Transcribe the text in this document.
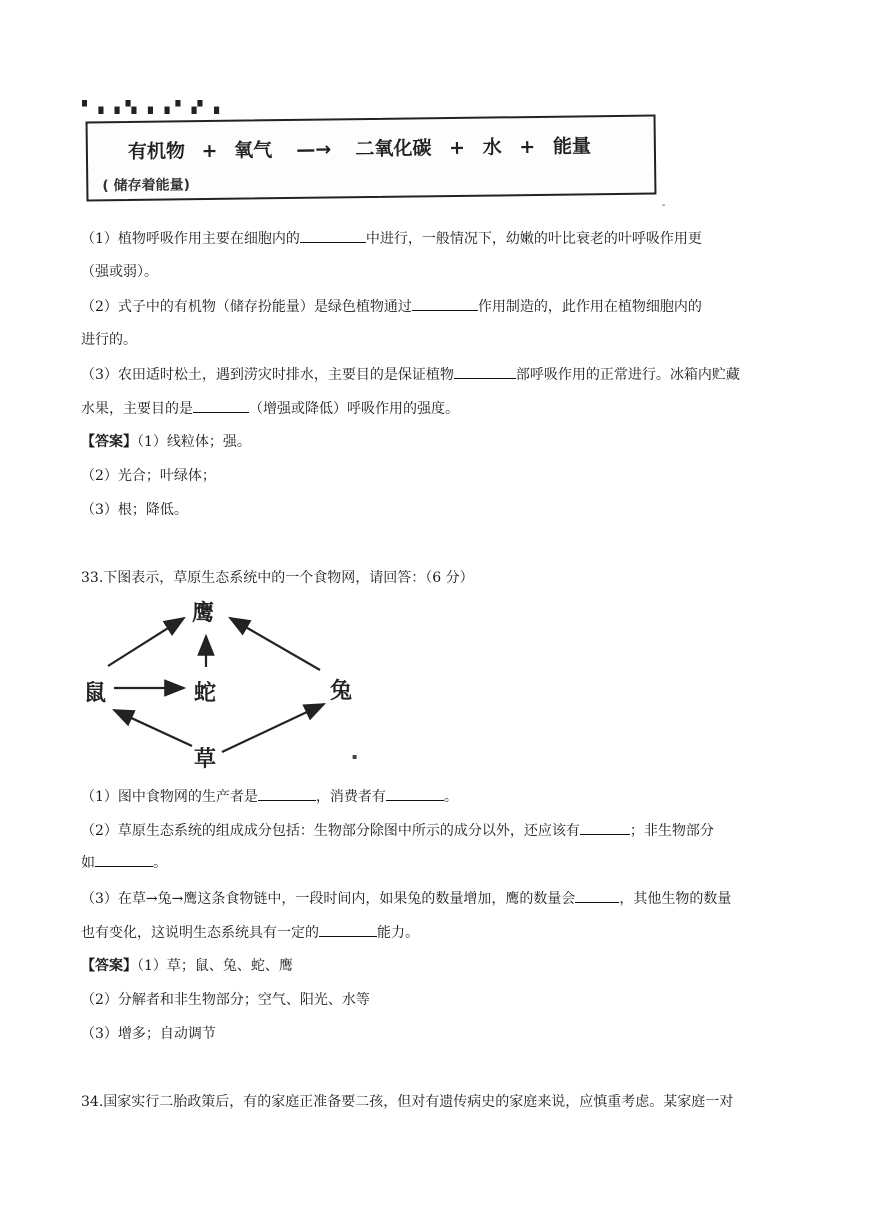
▘ ▖▗▝▖ ▖ ▖▘▗▘ ▖
有机物 + 氧气 —→ 二氧化碳 + 水 + 能量
( 储存着能量)
-
（1）植物呼吸作用主要在细胞内的	中进行，一般情况下，幼嫩的叶比衰老的叶呼吸作用更
（强或弱）。
（2）式子中的有机物（储存扮能量）是绿色植物通过	作用制造的，此作用在植物细胞内的
进行的。
（3）农田适时松土，遇到涝灾时排水，主要目的是保证植物	部呼吸作用的正常进行。冰箱内贮藏
水果，主要目的是	（增强或降低）呼吸作用的强度。
【答案】（1）线粒体；强。
（2）光合；叶绿体；
（3）根；降低。
33.下图表示，草原生态系统中的一个食物网，请回答：（6 分）
鹰
鼠	蛇	兔
草	▪
（1）图中食物网的生产者是	，消费者有	。
（2）草原生态系统的组成成分包括：生物部分除图中所示的成分以外，还应该有	；非生物部分
如	。
（3）在草→兔→鹰这条食物链中，一段时间内，如果兔的数量增加，鹰的数量会	，其他生物的数量
也有变化，这说明生态系统具有一定的	能力。
【答案】（1）草；鼠、兔、蛇、鹰
（2）分解者和非生物部分；空气、阳光、水等
（3）增多；自动调节
34.国家实行二胎政策后，有的家庭正准备要二孩，但对有遗传病史的家庭来说，应慎重考虑。某家庭一对
